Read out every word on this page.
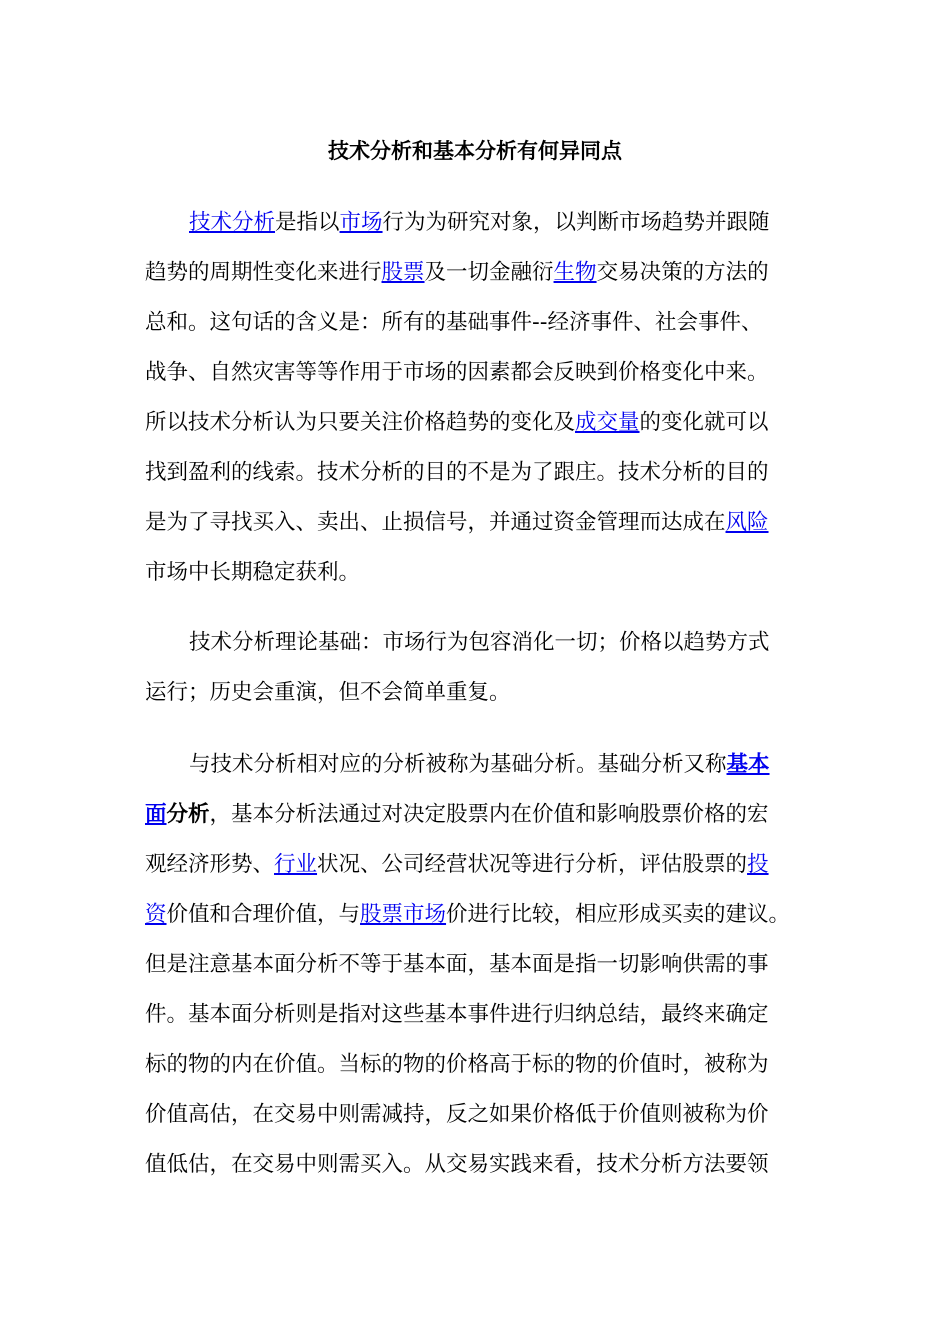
技术分析和基本分析有何异同点
技术分析是指以市场行为为研究对象，以判断市场趋势并跟随
趋势的周期性变化来进行股票及一切金融衍生物交易决策的方法的
总和。这句话的含义是：所有的基础事件--经济事件、社会事件、
战争、自然灾害等等作用于市场的因素都会反映到价格变化中来。
所以技术分析认为只要关注价格趋势的变化及成交量的变化就可以
找到盈利的线索。技术分析的目的不是为了跟庄。技术分析的目的
是为了寻找买入、卖出、止损信号，并通过资金管理而达成在风险
市场中长期稳定获利。
技术分析理论基础：市场行为包容消化一切；价格以趋势方式
运行；历史会重演，但不会简单重复。
与技术分析相对应的分析被称为基础分析。基础分析又称基本
面分析，基本分析法通过对决定股票内在价值和影响股票价格的宏
观经济形势、行业状况、公司经营状况等进行分析，评估股票的投
资价值和合理价值，与股票市场价进行比较，相应形成买卖的建议。
但是注意基本面分析不等于基本面，基本面是指一切影响供需的事
件。基本面分析则是指对这些基本事件进行归纳总结，最终来确定
标的物的内在价值。当标的物的价格高于标的物的价值时，被称为
价值高估，在交易中则需减持，反之如果价格低于价值则被称为价
值低估，在交易中则需买入。从交易实践来看，技术分析方法要领
